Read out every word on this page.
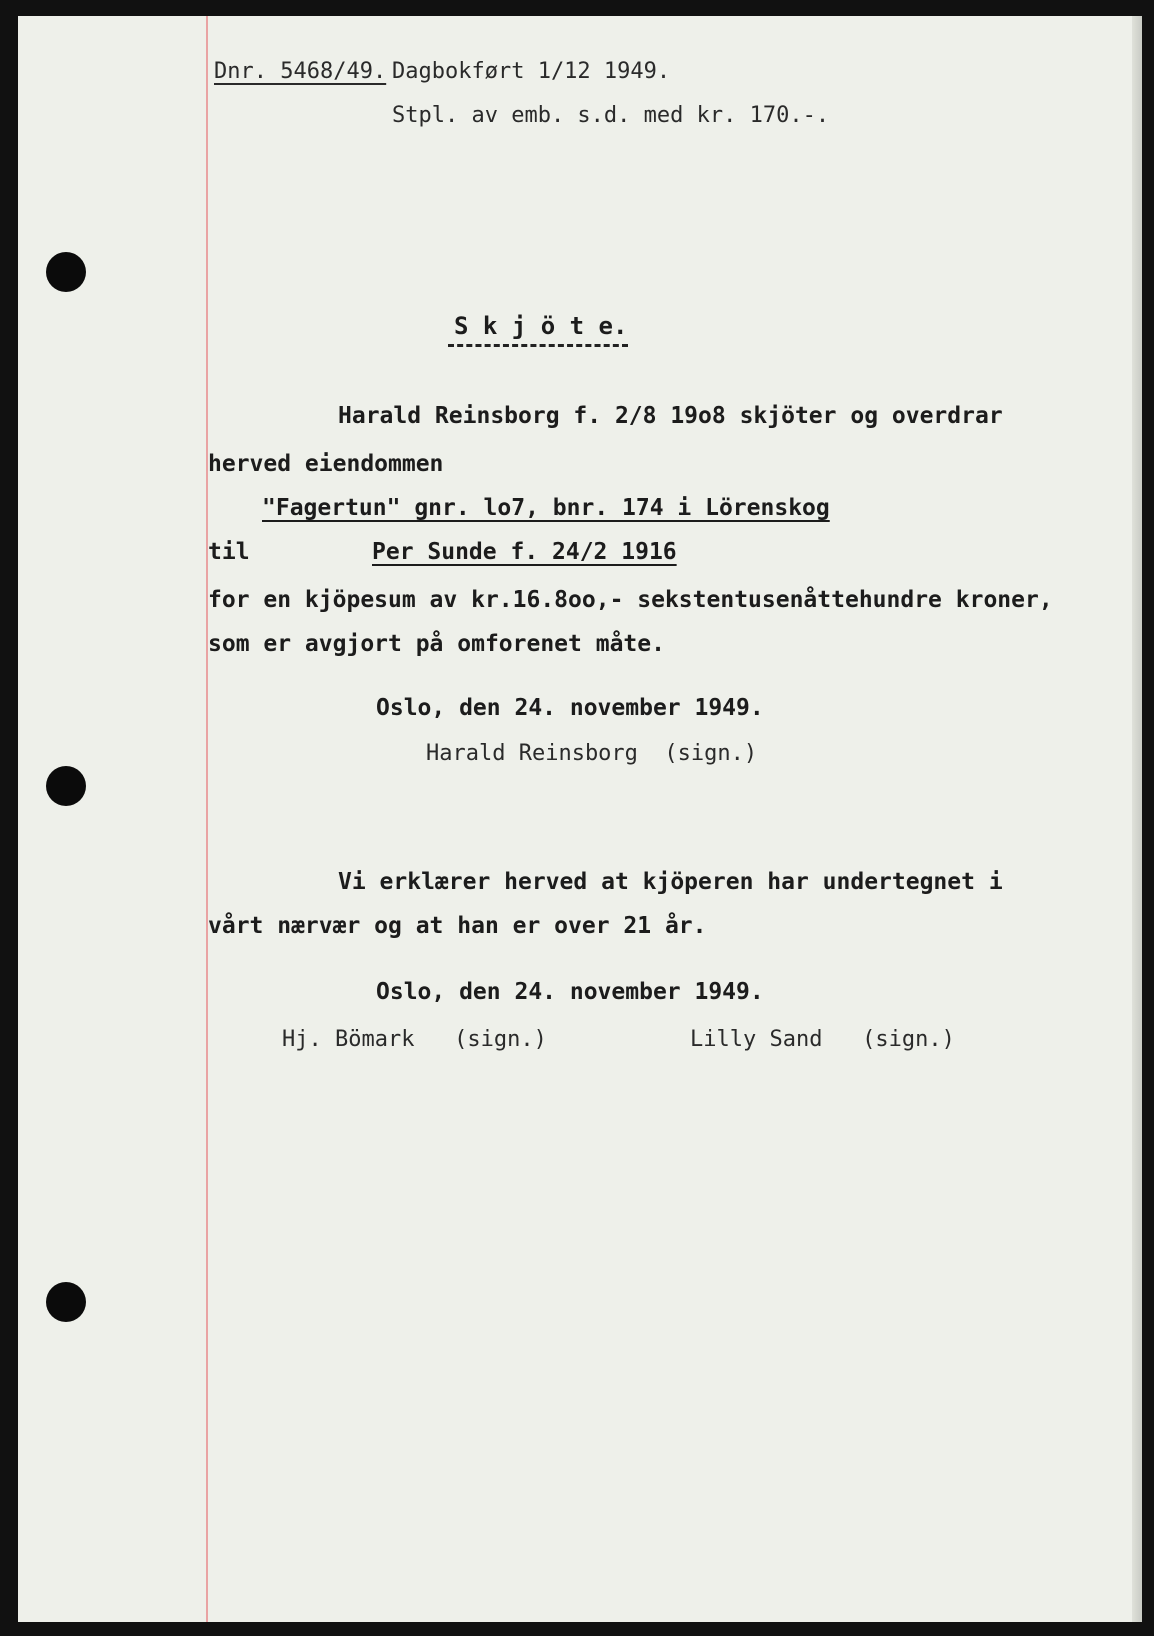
Dnr. 5468/49. Dagbokført 1/12 1949.
Stpl. av emb. s.d. med kr. 170.-.
S k j ö t e.
Harald Reinsborg f. 2/8 19o8 skjöter og overdrar
herved eiendommen
"Fagertun" gnr. lo7, bnr. 174 i Lörenskog
til	Per Sunde f. 24/2 1916
for en kjöpesum av kr.16.8oo,- sekstentusenåttehundre kroner,
som er avgjort på omforenet måte.
Oslo, den 24. november 1949.
Harald Reinsborg  (sign.)
Vi erklærer herved at kjöperen har undertegnet i
vårt nærvær og at han er over 21 år.
Oslo, den 24. november 1949.
Hj. Bömark   (sign.)	Lilly Sand   (sign.)
